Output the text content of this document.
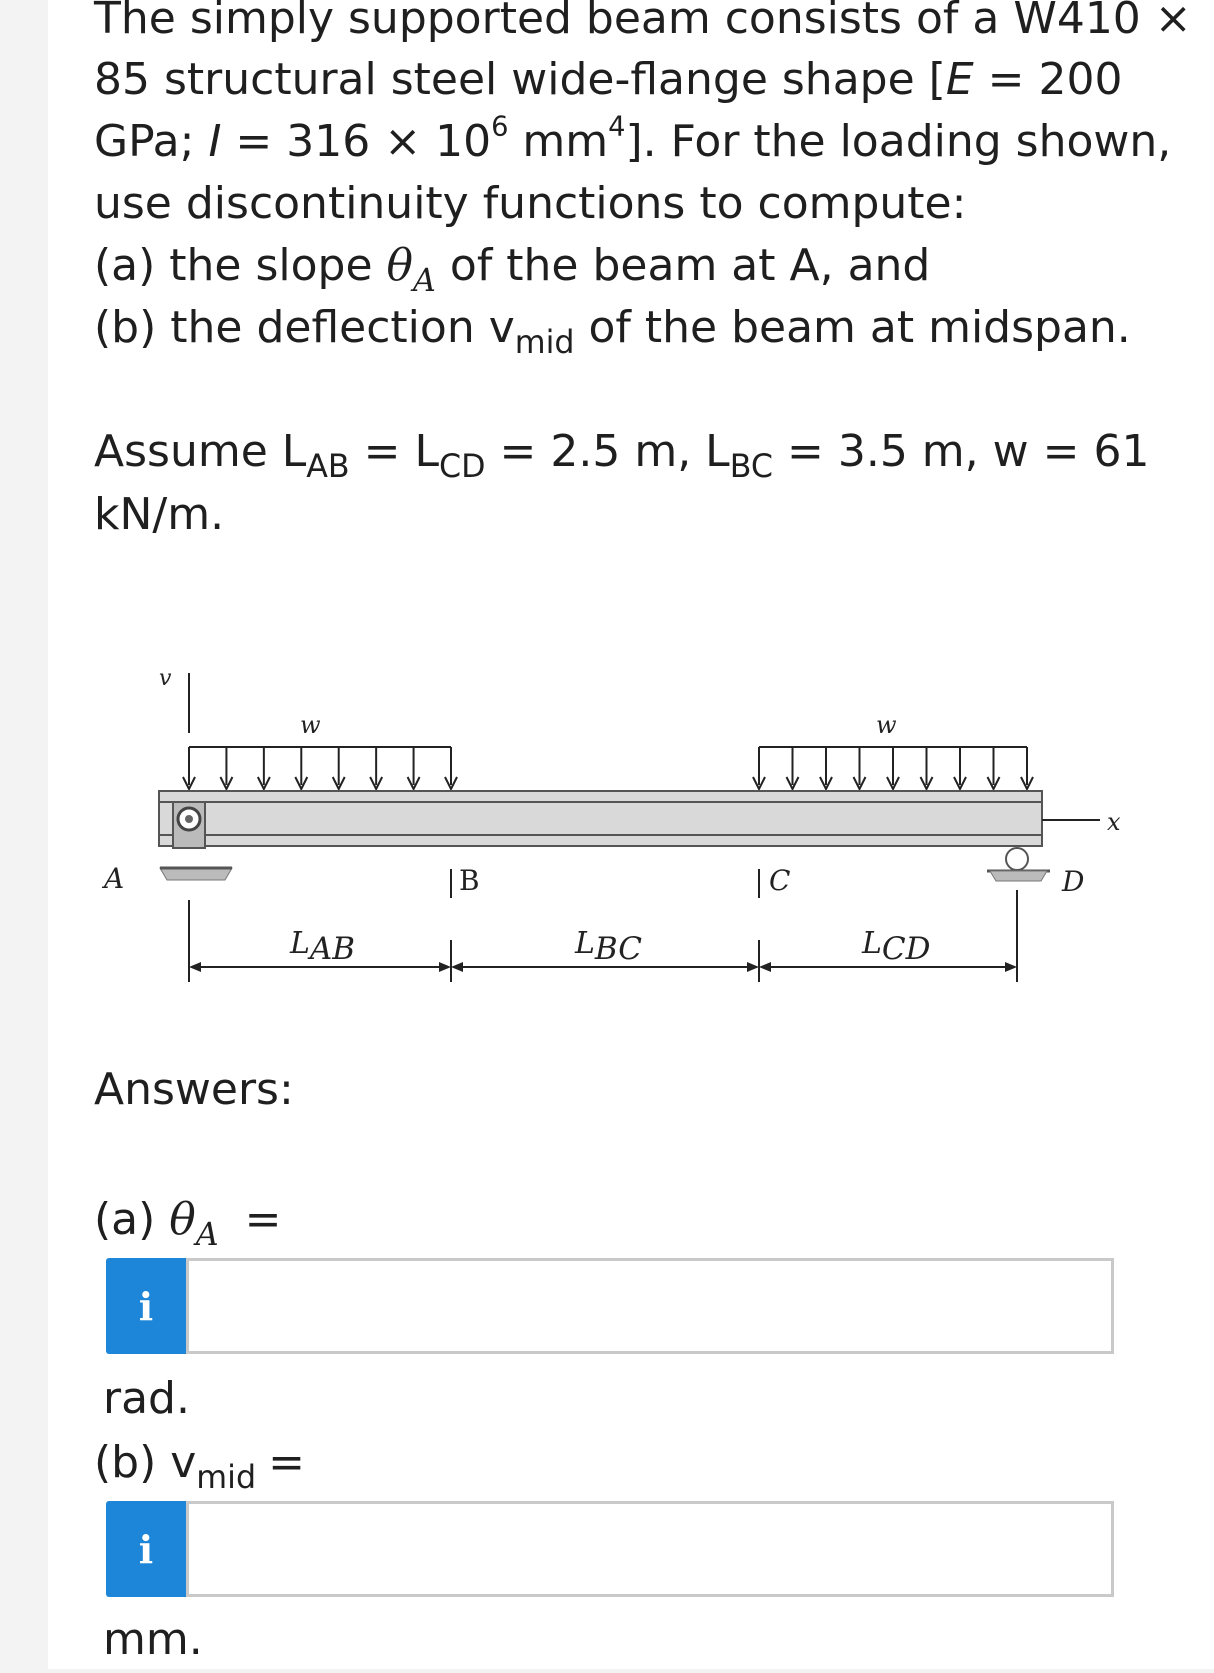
The simply supported beam consists of a W410 ×
85 structural steel wide-flange shape [E = 200
GPa; $I = 316 \times 10^6$ $mm^4$]. For the loading shown,
use discontinuity functions to compute:
(a) the slope $\theta_A$ of the beam at A, and
(b) the deflection $v_{mid}$ of the beam at midspan.
Assume $L_{AB} = L_{CD} = 2.5$ m, $L_{BC} = 3.5$ m, w = 61
kN/m.
v
w	w
x
A	D
B	C
LAB	LBC	LCD
Answers:
(a) $\theta_A$ =
i
rad.
(b) $v_{mid}$ =
i
mm.
